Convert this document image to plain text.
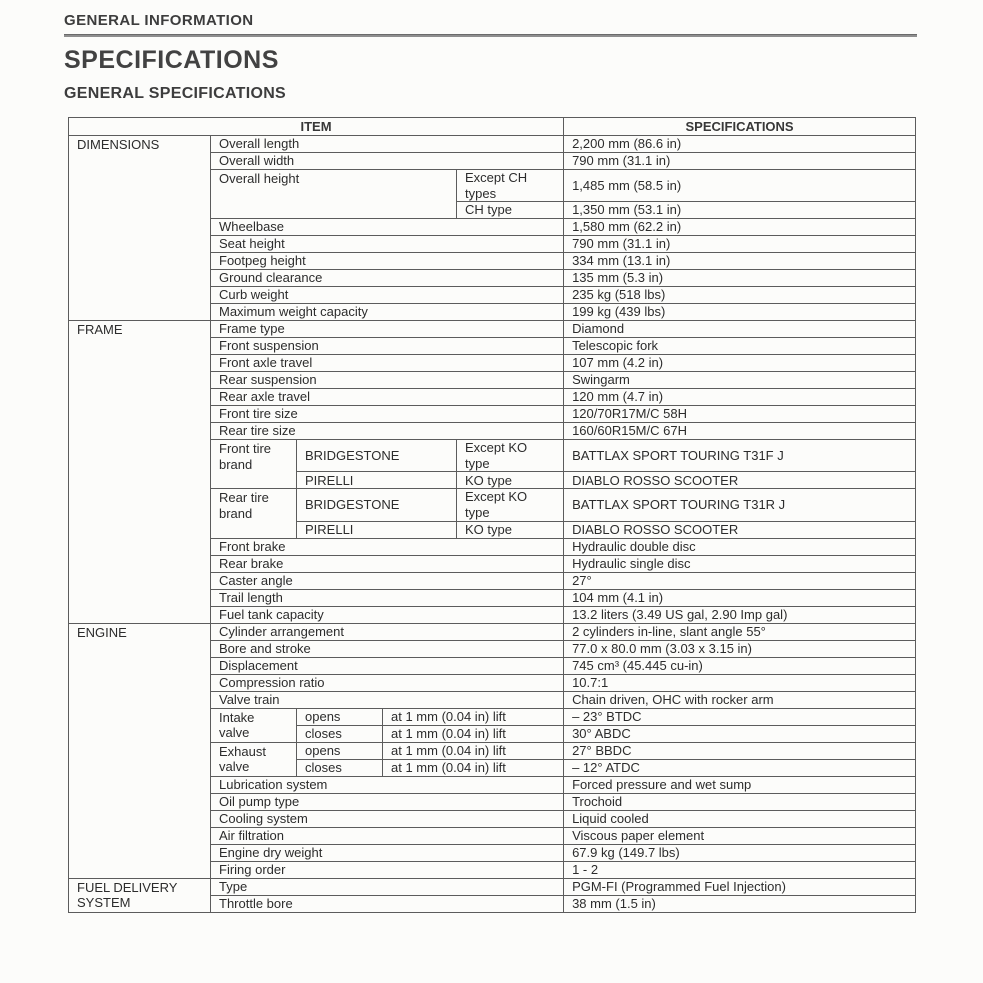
GENERAL INFORMATION
SPECIFICATIONS
GENERAL SPECIFICATIONS
ITEM					SPECIFICATIONS
DIMENSIONS	Overall length				2,200 mm (86.6 in)
	Overall width				790 mm (31.1 in)
	Overall height			Except CH types	1,485 mm (58.5 in)
				CH type	1,350 mm (53.1 in)
	Wheelbase				1,580 mm (62.2 in)
	Seat height				790 mm (31.1 in)
	Footpeg height				334 mm (13.1 in)
	Ground clearance				135 mm (5.3 in)
	Curb weight				235 kg (518 lbs)
	Maximum weight capacity				199 kg (439 lbs)
FRAME	Frame type				Diamond
	Front suspension				Telescopic fork
	Front axle travel				107 mm (4.2 in)
	Rear suspension				Swingarm
	Rear axle travel				120 mm (4.7 in)
	Front tire size				120/70R17M/C 58H
	Rear tire size				160/60R15M/C 67H
	Front tire brand	BRIDGESTONE		Except KO type	BATTLAX SPORT TOURING T31F J
		PIRELLI		KO type	DIABLO ROSSO SCOOTER
	Rear tire brand	BRIDGESTONE		Except KO type	BATTLAX SPORT TOURING T31R J
		PIRELLI		KO type	DIABLO ROSSO SCOOTER
	Front brake				Hydraulic double disc
	Rear brake				Hydraulic single disc
	Caster angle				27°
	Trail length				104 mm (4.1 in)
	Fuel tank capacity				13.2 liters (3.49 US gal, 2.90 Imp gal)
ENGINE	Cylinder arrangement				2 cylinders in-line, slant angle 55°
	Bore and stroke				77.0 x 80.0 mm (3.03 x 3.15 in)
	Displacement				745 cm³ (45.445 cu-in)
	Compression ratio				10.7:1
	Valve train				Chain driven, OHC with rocker arm
	Intake valve	opens	at 1 mm (0.04 in) lift		– 23° BTDC
		closes	at 1 mm (0.04 in) lift		30° ABDC
	Exhaust valve	opens	at 1 mm (0.04 in) lift		27° BBDC
		closes	at 1 mm (0.04 in) lift		– 12° ATDC
	Lubrication system				Forced pressure and wet sump
	Oil pump type				Trochoid
	Cooling system				Liquid cooled
	Air filtration				Viscous paper element
	Engine dry weight				67.9 kg (149.7 lbs)
	Firing order				1 - 2
FUEL DELIVERY SYSTEM	Type				PGM-FI (Programmed Fuel Injection)
	Throttle bore				38 mm (1.5 in)
